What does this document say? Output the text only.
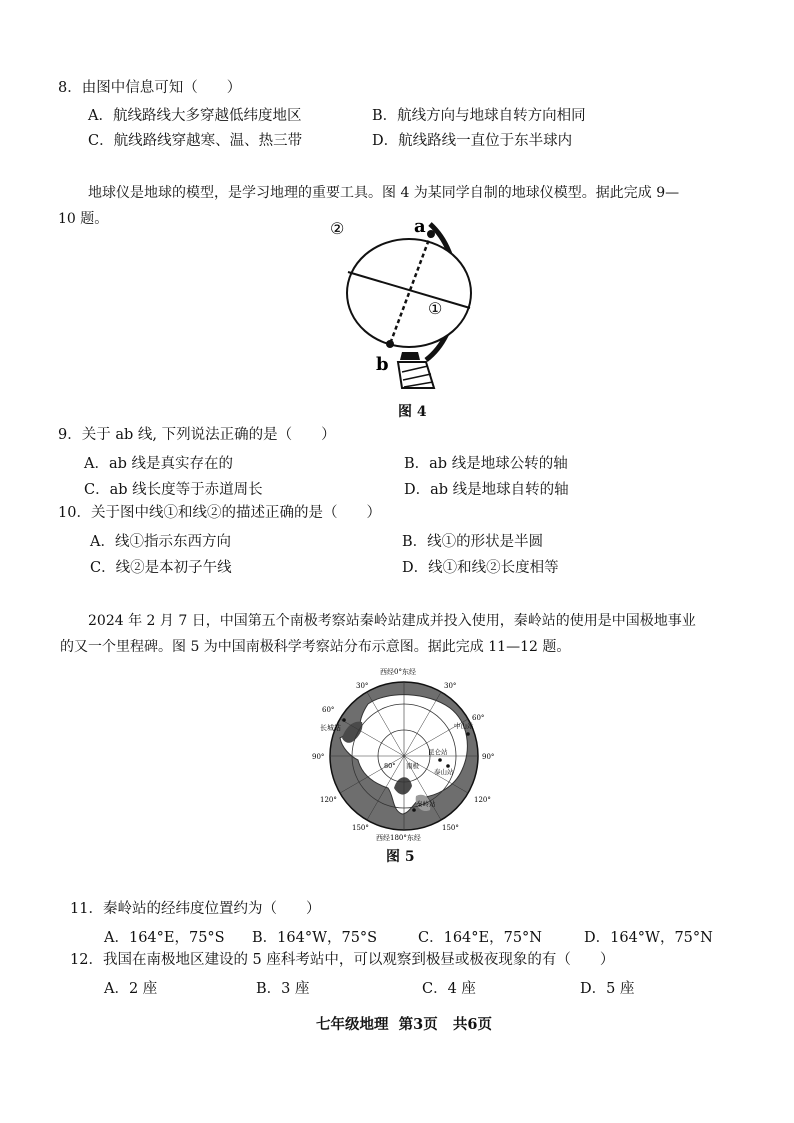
8．由图中信息可知（　　）
A．航线路线大多穿越低纬度地区	B．航线方向与地球自转方向相同
C．航线路线穿越寒、温、热三带	D．航线路线一直位于东半球内
地球仪是地球的模型，是学习地理的重要工具。图 4 为某同学自制的地球仪模型。据此完成 9—
10 题。	a
b
①
②
图 4
9．关于 ab 线, 下列说法正确的是（　　）
A．ab 线是真实存在的	B．ab 线是地球公转的轴
C．ab 线长度等于赤道周长	D．ab 线是地球自转的轴
10．关于图中线①和线②的描述正确的是（　　）
A．线①指示东西方向	B．线①的形状是半圆
C．线②是本初子午线	D．线①和线②长度相等
2024 年 2 月 7 日，中国第五个南极考察站秦岭站建成并投入使用，秦岭站的使用是中国极地事业
的又一个里程碑。图 5 为中国南极科学考察站分布示意图。据此完成 11—12 题。
西经0°东经
西经180°东经
30°	30°
60°
60°
90°	90°
120°	120°
150°	150°
80°
长城站
昆仑站
泰山站
中山站
南极
秦岭站
图 5
11．秦岭站的经纬度位置约为（　　）
A．164°E，75°S B．164°W，75°S	C．164°E，75°N	D．164°W，75°N
12．我国在南极地区建设的 5 座科考站中，可以观察到极昼或极夜现象的有（　　）
A．2 座	B．3 座	C．4 座	D．5 座
七年级地理 第3页 共6页
